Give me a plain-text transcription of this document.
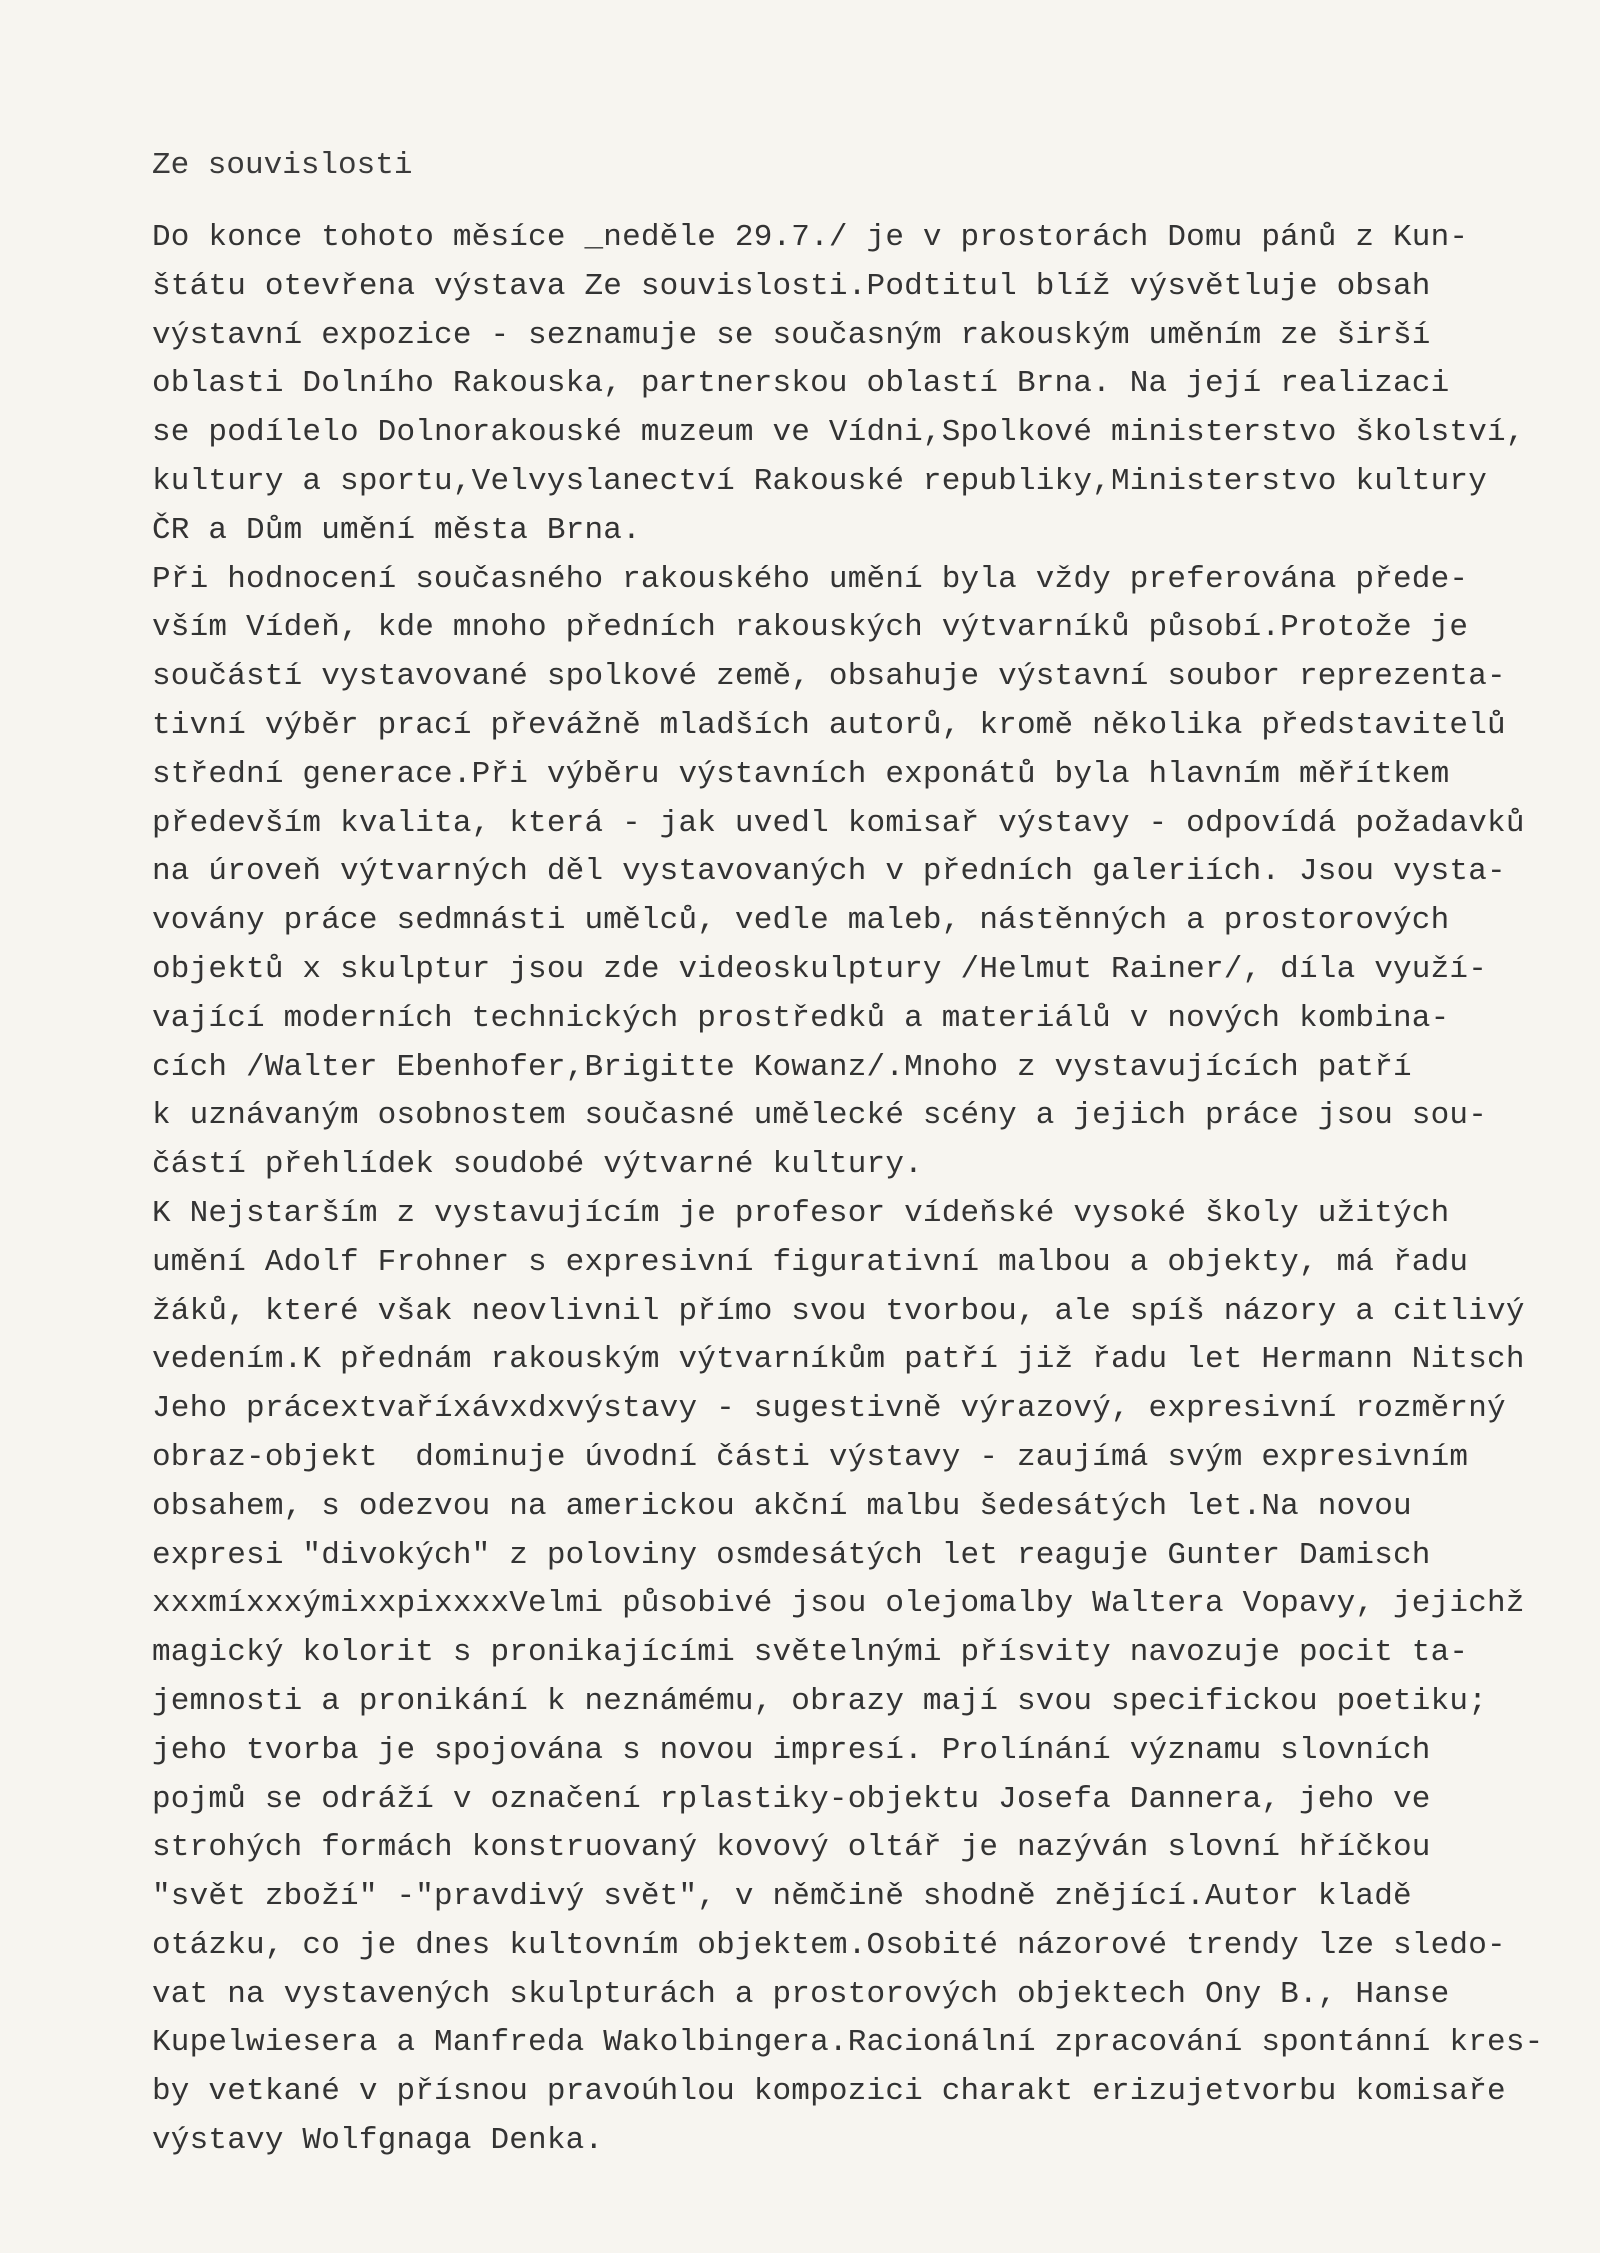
Ze souvislosti
Do konce tohoto měsíce _neděle 29.7./ je v prostorách Domu pánů z Kun-
štátu otevřena výstava Ze souvislosti.Podtitul blíž výsvětluje obsah
výstavní expozice - seznamuje se současným rakouským uměním ze širší
oblasti Dolního Rakouska, partnerskou oblastí Brna. Na její realizaci
se podílelo Dolnorakouské muzeum ve Vídni,Spolkové ministerstvo školství,
kultury a sportu,Velvyslanectví Rakouské republiky,Ministerstvo kultury
ČR a Dům umění města Brna.
Při hodnocení současného rakouského umění byla vždy preferována přede-
vším Vídeň, kde mnoho předních rakouských výtvarníků působí.Protože je
součástí vystavované spolkové země, obsahuje výstavní soubor reprezenta-
tivní výběr prací převážně mladších autorů, kromě několika představitelů
střední generace.Při výběru výstavních exponátů byla hlavním měřítkem
především kvalita, která - jak uvedl komisař výstavy - odpovídá požadavků
na úroveň výtvarných děl vystavovaných v předních galeriích. Jsou vysta-
vovány práce sedmnásti umělců, vedle maleb, nástěnných a prostorových
objektů x skulptur jsou zde videoskulptury /Helmut Rainer/, díla využí-
vající moderních technických prostředků a materiálů v nových kombina-
cích /Walter Ebenhofer,Brigitte Kowanz/.Mnoho z vystavujících patří
k uznávaným osobnostem současné umělecké scény a jejich práce jsou sou-
částí přehlídek soudobé výtvarné kultury.
K Nejstarším z vystavujícím je profesor vídeňské vysoké školy užitých
umění Adolf Frohner s expresivní figurativní malbou a objekty, má řadu
žáků, které však neovlivnil přímo svou tvorbou, ale spíš názory a citlivý
vedením.K přednám rakouským výtvarníkům patří již řadu let Hermann Nitsch
Jeho prácextvaříxávxdxvýstavy - sugestivně výrazový, expresivní rozměrný
obraz-objekt  dominuje úvodní části výstavy - zaujímá svým expresivním
obsahem, s odezvou na americkou akční malbu šedesátých let.Na novou
expresi "divokých" z poloviny osmdesátých let reaguje Gunter Damisch
xxxmíxxxýmixxpixxxxVelmi působivé jsou olejomalby Waltera Vopavy, jejichž
magický kolorit s pronikajícími světelnými přísvity navozuje pocit ta-
jemnosti a pronikání k neznámému, obrazy mají svou specifickou poetiku;
jeho tvorba je spojována s novou impresí. Prolínání významu slovních
pojmů se odráží v označení rplastiky-objektu Josefa Dannera, jeho ve
strohých formách konstruovaný kovový oltář je nazýván slovní hříčkou
"svět zboží" -"pravdivý svět", v němčině shodně znějící.Autor kladě
otázku, co je dnes kultovním objektem.Osobité názorové trendy lze sledo-
vat na vystavených skulpturách a prostorových objektech Ony B., Hanse
Kupelwiesera a Manfreda Wakolbingera.Racionální zpracování spontánní kres-
by vetkané v přísnou pravoúhlou kompozici charakt erizujetvorbu komisaře
výstavy Wolfgnaga Denka.
